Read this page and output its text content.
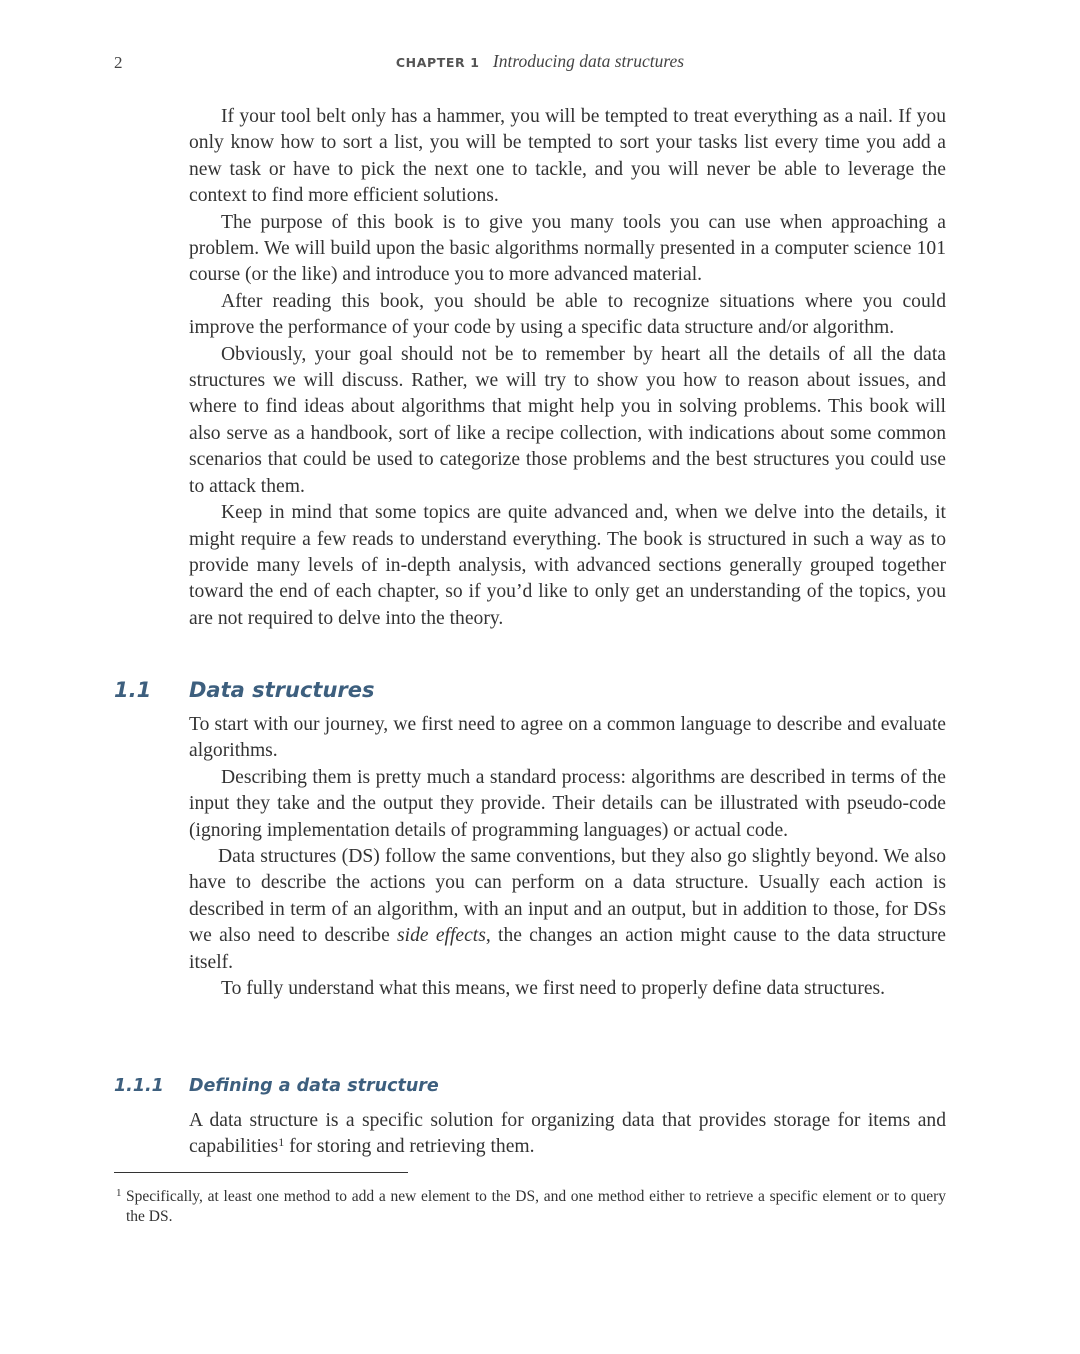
2	CHAPTER 1 Introducing data structures

If your tool belt only has a hammer, you will be tempted to treat everything as a nail. If you only know how to sort a list, you will be tempted to sort your tasks list every time you add a new task or have to pick the next one to tackle, and you will never be able to leverage the context to find more efficient solutions.

The purpose of this book is to give you many tools you can use when approaching a problem. We will build upon the basic algorithms normally presented in a computer science 101 course (or the like) and introduce you to more advanced material.

After reading this book, you should be able to recognize situations where you could improve the performance of your code by using a specific data structure and/or algorithm.

Obviously, your goal should not be to remember by heart all the details of all the data structures we will discuss. Rather, we will try to show you how to reason about issues, and where to find ideas about algorithms that might help you in solving problems. This book will also serve as a handbook, sort of like a recipe collection, with indications about some common scenarios that could be used to categorize those problems and the best structures you could use to attack them.

Keep in mind that some topics are quite advanced and, when we delve into the details, it might require a few reads to understand everything. The book is structured in such a way as to provide many levels of in-depth analysis, with advanced sections generally grouped together toward the end of each chapter, so if you’d like to only get an understanding of the topics, you are not required to delve into the theory.

1.1 Data structures

To start with our journey, we first need to agree on a common language to describe and evaluate algorithms.

Describing them is pretty much a standard process: algorithms are described in terms of the input they take and the output they provide. Their details can be illustrated with pseudo-code (ignoring implementation details of programming languages) or actual code.

Data structures (DS) follow the same conventions, but they also go slightly beyond. We also have to describe the actions you can perform on a data structure. Usually each action is described in term of an algorithm, with an input and an output, but in addition to those, for DSs we also need to describe side effects, the changes an action might cause to the data structure itself.

To fully understand what this means, we first need to properly define data structures.

1.1.1 Defining a data structure

A data structure is a specific solution for organizing data that provides storage for items and capabilities$^1$ for storing and retrieving them.

1 Specifically, at least one method to add a new element to the DS, and one method either to retrieve a specific element or to query the DS.
